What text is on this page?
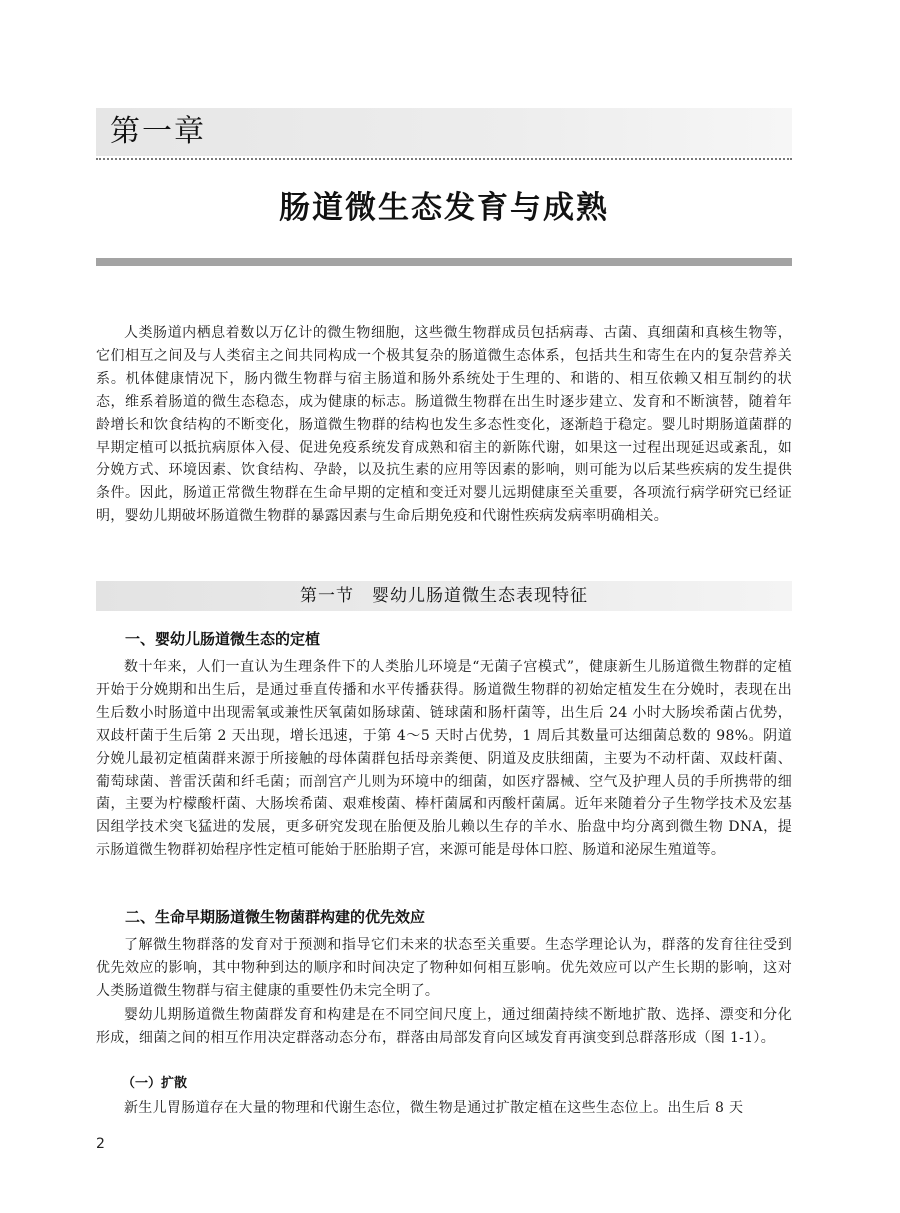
第一章
肠道微生态发育与成熟

人类肠道内栖息着数以万亿计的微生物细胞，这些微生物群成员包括病毒、古菌、真细菌和真核生物等，它们相互之间及与人类宿主之间共同构成一个极其复杂的肠道微生态体系，包括共生和寄生在内的复杂营养关系。机体健康情况下，肠内微生物群与宿主肠道和肠外系统处于生理的、和谐的、相互依赖又相互制约的状态，维系着肠道的微生态稳态，成为健康的标志。肠道微生物群在出生时逐步建立、发育和不断演替，随着年龄增长和饮食结构的不断变化，肠道微生物群的结构也发生多态性变化，逐渐趋于稳定。婴儿时期肠道菌群的早期定植可以抵抗病原体入侵、促进免疫系统发育成熟和宿主的新陈代谢，如果这一过程出现延迟或紊乱，如分娩方式、环境因素、饮食结构、孕龄，以及抗生素的应用等因素的影响，则可能为以后某些疾病的发生提供条件。因此，肠道正常微生物群在生命早期的定植和变迁对婴儿远期健康至关重要，各项流行病学研究已经证明，婴幼儿期破坏肠道微生物群的暴露因素与生命后期免疫和代谢性疾病发病率明确相关。

第一节　婴幼儿肠道微生态表现特征
一、婴幼儿肠道微生态的定植

数十年来，人们一直认为生理条件下的人类胎儿环境是“无菌子宫模式”，健康新生儿肠道微生物群的定植开始于分娩期和出生后，是通过垂直传播和水平传播获得。肠道微生物群的初始定植发生在分娩时，表现在出生后数小时肠道中出现需氧或兼性厌氧菌如肠球菌、链球菌和肠杆菌等，出生后 24 小时大肠埃希菌占优势，双歧杆菌于生后第 2 天出现，增长迅速，于第 4～5 天时占优势，1 周后其数量可达细菌总数的 98%。阴道分娩儿最初定植菌群来源于所接触的母体菌群包括母亲粪便、阴道及皮肤细菌，主要为不动杆菌、双歧杆菌、葡萄球菌、普雷沃菌和纤毛菌；而剖宫产儿则为环境中的细菌，如医疗器械、空气及护理人员的手所携带的细菌，主要为柠檬酸杆菌、大肠埃希菌、艰难梭菌、棒杆菌属和丙酸杆菌属。近年来随着分子生物学技术及宏基因组学技术突飞猛进的发展，更多研究发现在胎便及胎儿赖以生存的羊水、胎盘中均分离到微生物 DNA，提示肠道微生物群初始程序性定植可能始于胚胎期子宫，来源可能是母体口腔、肠道和泌尿生殖道等。

二、生命早期肠道微生物菌群构建的优先效应

了解微生物群落的发育对于预测和指导它们未来的状态至关重要。生态学理论认为，群落的发育往往受到优先效应的影响，其中物种到达的顺序和时间决定了物种如何相互影响。优先效应可以产生长期的影响，这对人类肠道微生物群与宿主健康的重要性仍未完全明了。

婴幼儿期肠道微生物菌群发育和构建是在不同空间尺度上，通过细菌持续不断地扩散、选择、漂变和分化形成，细菌之间的相互作用决定群落动态分布，群落由局部发育向区域发育再演变到总群落形成（图 1-1）。

（一）扩散

新生儿胃肠道存在大量的物理和代谢生态位，微生物是通过扩散定植在这些生态位上。出生后 8 天

2
